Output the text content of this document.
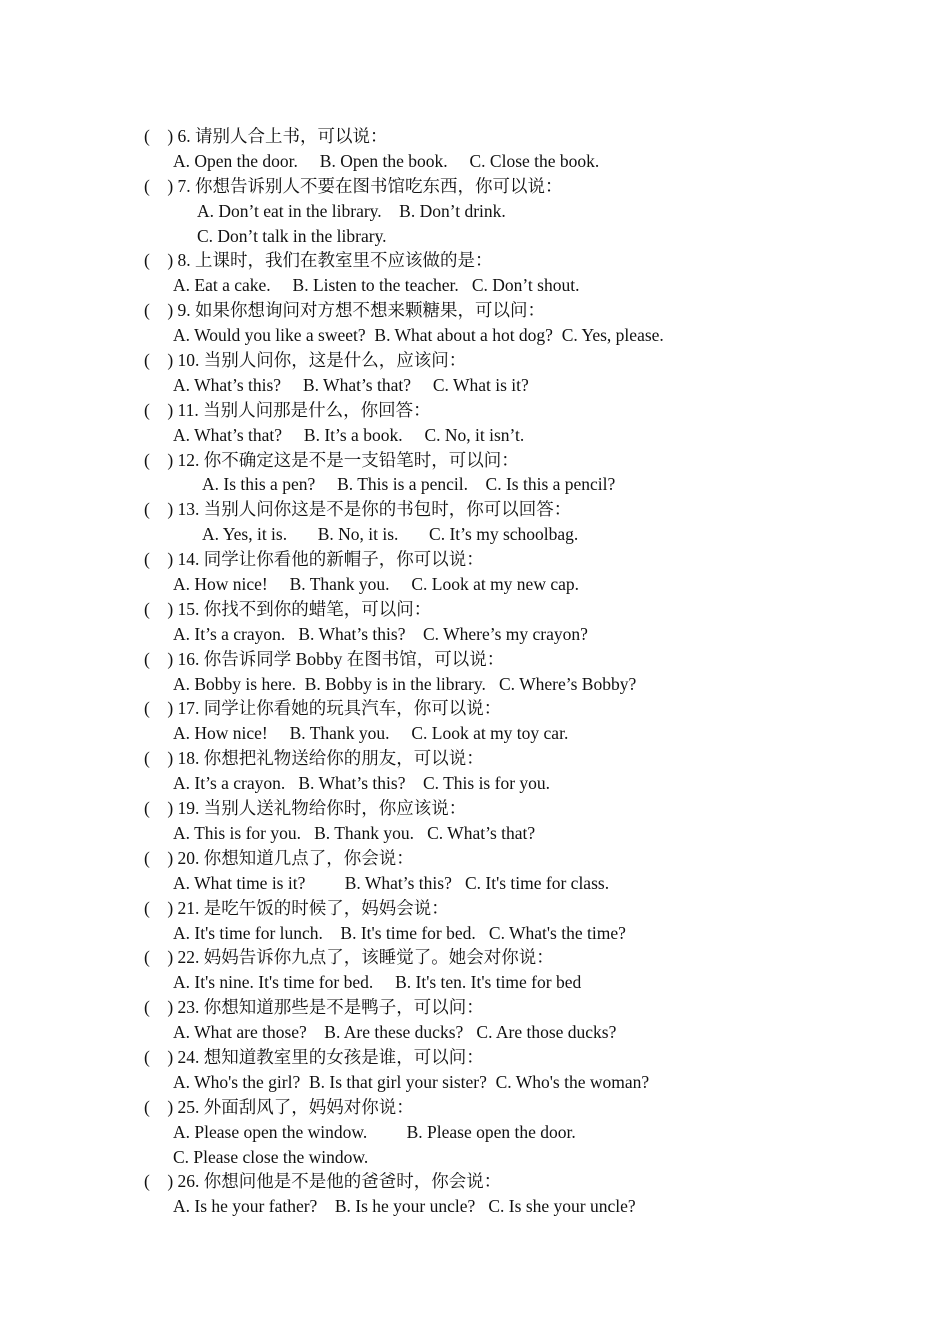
(    ) 6. 请别人合上书，可以说：
A. Open the door.     B. Open the book.     C. Close the book.
(    ) 7. 你想告诉别人不要在图书馆吃东西，你可以说：
A. Don’t eat in the library.    B. Don’t drink.
C. Don’t talk in the library.
(    ) 8. 上课时，我们在教室里不应该做的是：
A. Eat a cake.     B. Listen to the teacher.   C. Don’t shout.
(    ) 9. 如果你想询问对方想不想来颗糖果，可以问：
A. Would you like a sweet?  B. What about a hot dog?  C. Yes, please.
(    ) 10. 当别人问你，这是什么，应该问：
A. What’s this?     B. What’s that?     C. What is it?
(    ) 11. 当别人问那是什么，你回答：
A. What’s that?     B. It’s a book.     C. No, it isn’t.
(    ) 12. 你不确定这是不是一支铅笔时，可以问：
A. Is this a pen?     B. This is a pencil.    C. Is this a pencil?
(    ) 13. 当别人问你这是不是你的书包时，你可以回答：
A. Yes, it is.       B. No, it is.       C. It’s my schoolbag.
(    ) 14. 同学让你看他的新帽子，你可以说：
A. How nice!     B. Thank you.     C. Look at my new cap.
(    ) 15. 你找不到你的蜡笔，可以问：
A. It’s a crayon.   B. What’s this?    C. Where’s my crayon?
(    ) 16. 你告诉同学 Bobby 在图书馆，可以说：
A. Bobby is here.  B. Bobby is in the library.   C. Where’s Bobby?
(    ) 17. 同学让你看她的玩具汽车，你可以说：
A. How nice!     B. Thank you.     C. Look at my toy car.
(    ) 18. 你想把礼物送给你的朋友，可以说：
A. It’s a crayon.   B. What’s this?    C. This is for you.
(    ) 19. 当别人送礼物给你时，你应该说：
A. This is for you.   B. Thank you.   C. What’s that?
(    ) 20. 你想知道几点了，你会说：
A. What time is it?         B. What’s this?   C. It's time for class.
(    ) 21. 是吃午饭的时候了，妈妈会说：
A. It's time for lunch.    B. It's time for bed.   C. What's the time?
(    ) 22. 妈妈告诉你九点了，该睡觉了。她会对你说：
A. It's nine. It's time for bed.     B. It's ten. It's time for bed
(    ) 23. 你想知道那些是不是鸭子，可以问：
A. What are those?    B. Are these ducks?   C. Are those ducks?
(    ) 24. 想知道教室里的女孩是谁，可以问：
A. Who's the girl?  B. Is that girl your sister?  C. Who's the woman?
(    ) 25. 外面刮风了，妈妈对你说：
A. Please open the window.         B. Please open the door.
C. Please close the window.
(    ) 26. 你想问他是不是他的爸爸时，你会说：
A. Is he your father?    B. Is he your uncle?   C. Is she your uncle?
